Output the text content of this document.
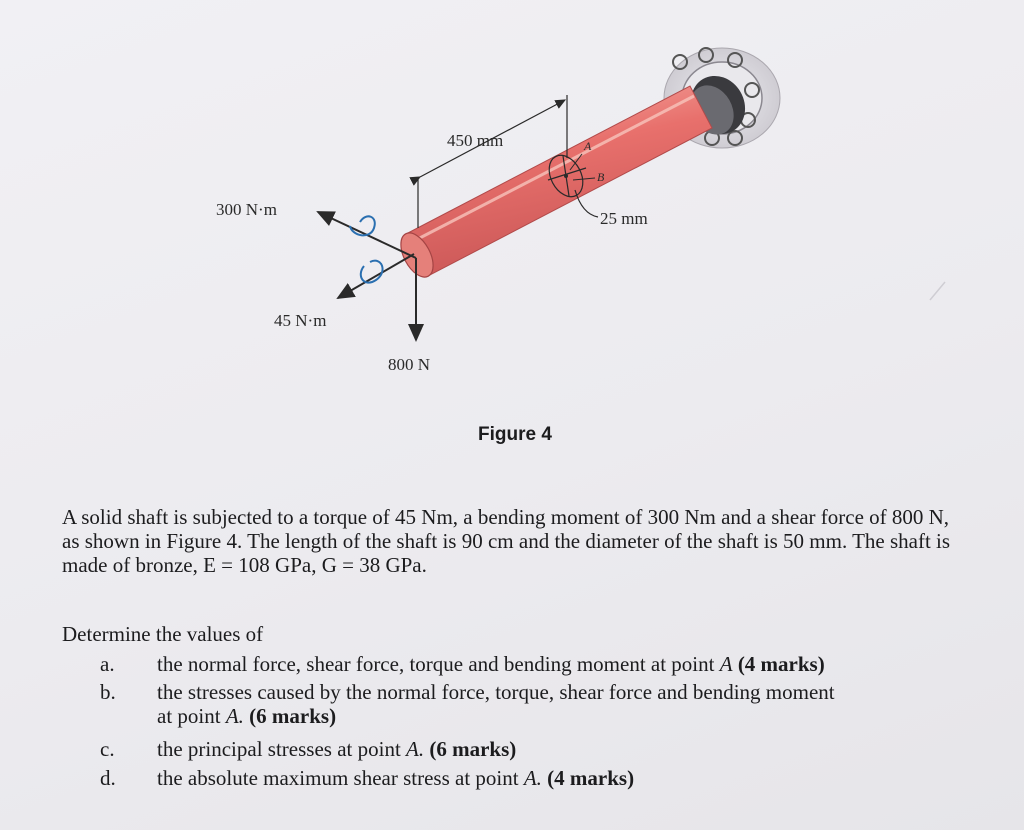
A
B
450 mm
25 mm
300 N·m
45 N·m
800 N
Figure 4

A solid shaft is subjected to a torque of 45 Nm, a bending moment of 300 Nm and a shear force of 800 N, as shown in Figure 4. The length of the shaft is 90 cm and the diameter of the shaft is 50 mm. The shaft is made of bronze, E = 108 GPa, G = 38 GPa.

Determine the values of

a.	the normal force, shear force, torque and bending moment at point A (4 marks)
b.	the stresses caused by the normal force, torque, shear force and bending moment
at point A. (6 marks)
c.	the principal stresses at point A. (6 marks)
d.	the absolute maximum shear stress at point A. (4 marks)
